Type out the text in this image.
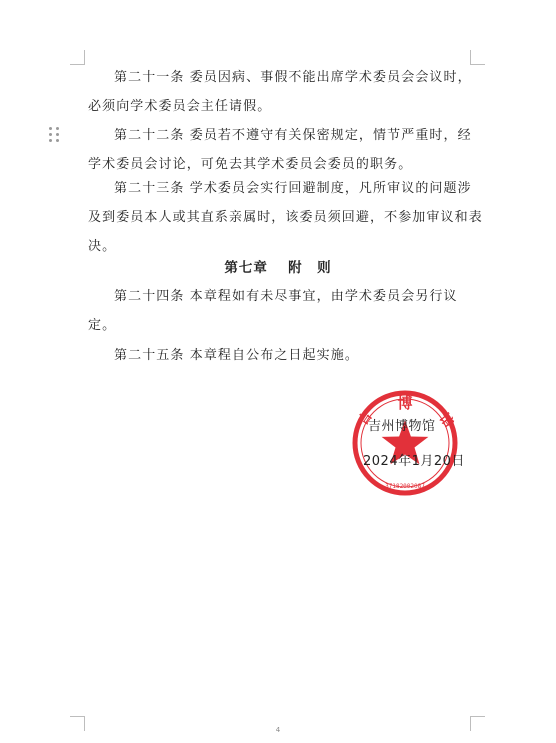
第二十一条 委员因病、事假不能出席学术委员会会议时，必须向学术委员会主任请假。

第二十二条 委员若不遵守有关保密规定，情节严重时，经学术委员会讨论，可免去其学术委员会委员的职务。

第二十三条 学术委员会实行回避制度，凡所审议的问题涉及到委员本人或其直系亲属时，该委员须回避，不参加审议和表决。

第七章　 附　则

第二十四条 本章程如有未尽事宜，由学术委员会另行议定。

第二十五条 本章程自公布之日起实施。

博
吉	馆
37182002087
吉州博物馆
2024年1月20日
4
